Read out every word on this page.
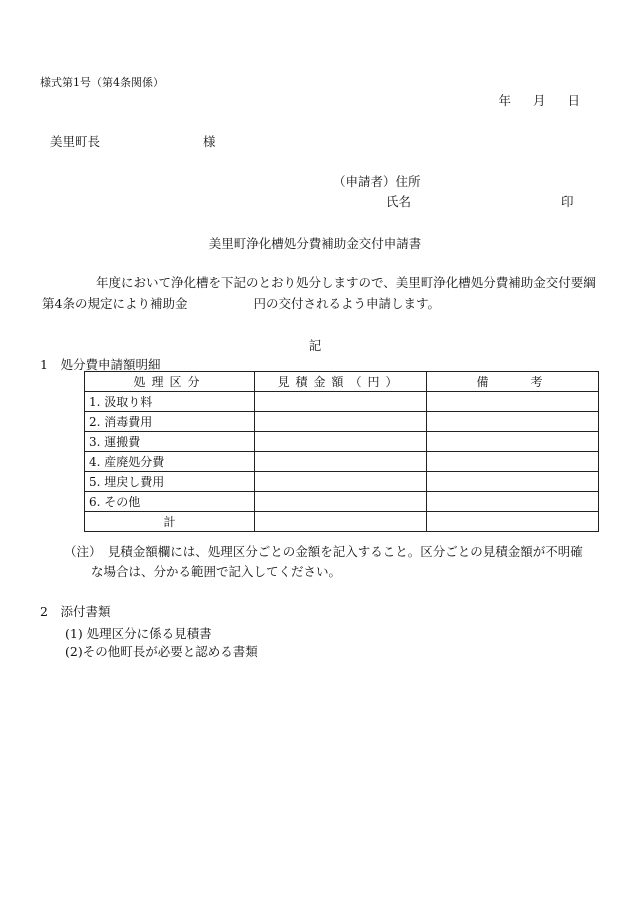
様式第1号（第4条関係）
年 月 日
美里町長	様
（申請者）住所
氏名	印
美里町浄化槽処分費補助金交付申請書
年度において浄化槽を下記のとおり処分しますので、美里町浄化槽処分費補助金交付要綱第4条の規定により補助金	円の交付されるよう申請します。
記
1　処分費申請額明細
処理区分	見積金額（円）	備　　考
1. 汲取り料		
2. 消毒費用		
3. 運搬費		
4. 産廃処分費		
5. 埋戻し費用		
6. その他		
計		
（注）　見積金額欄には、処理区分ごとの金額を記入すること。区分ごとの見積金額が不明確
な場合は、分かる範囲で記入してください。
2　添付書類
(1) 処理区分に係る見積書
(2)その他町長が必要と認める書類
